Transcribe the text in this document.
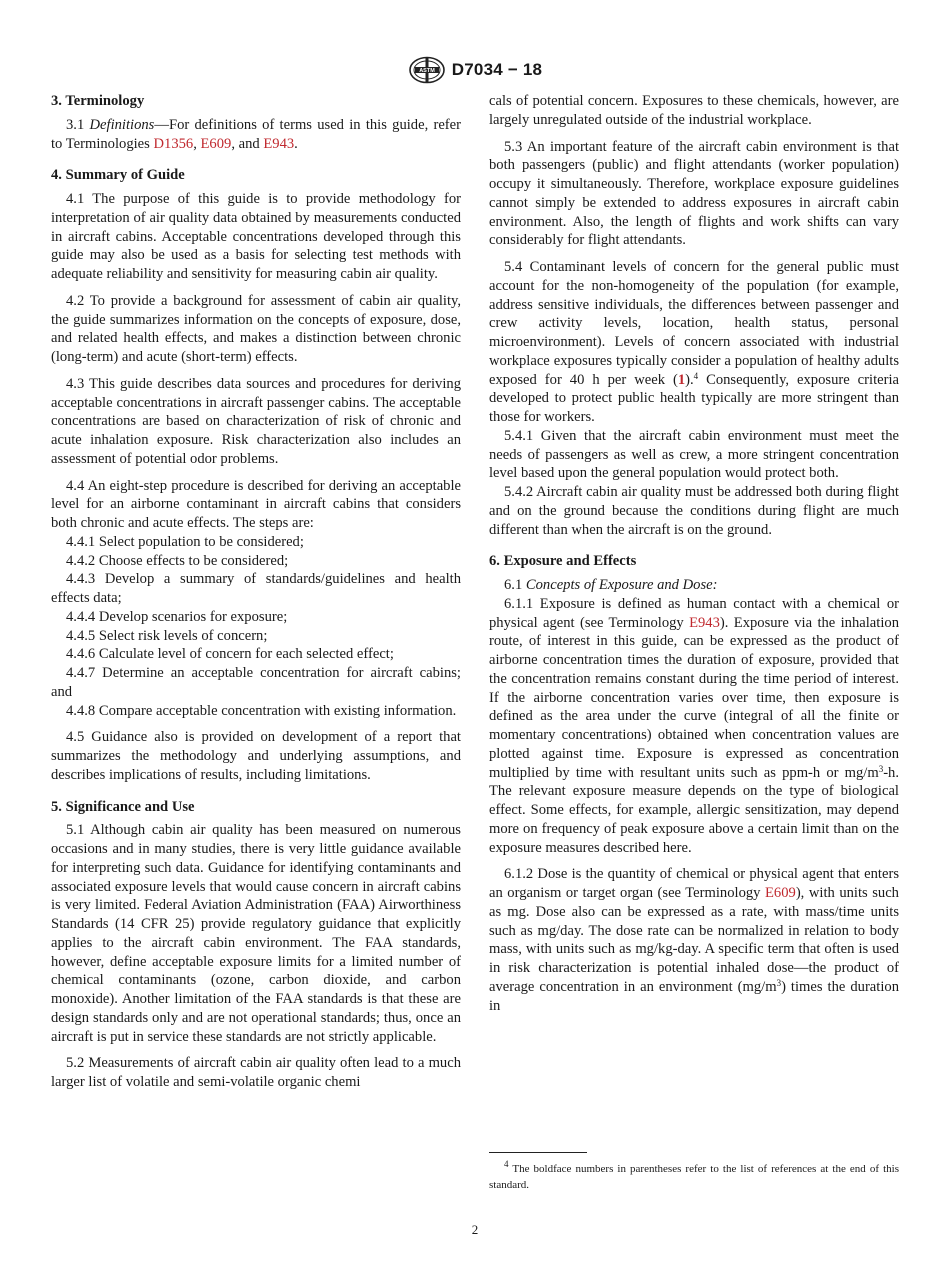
ASTM D7034 − 18
3. Terminology

3.1 Definitions—For definitions of terms used in this guide, refer to Terminologies D1356, E609, and E943.

4. Summary of Guide

4.1 The purpose of this guide is to provide methodology for interpretation of air quality data obtained by measurements conducted in aircraft cabins. Acceptable concentrations developed through this guide may also be used as a basis for selecting test methods with adequate reliability and sensitivity for measuring cabin air quality.

4.2 To provide a background for assessment of cabin air quality, the guide summarizes information on the concepts of exposure, dose, and related health effects, and makes a distinction between chronic (long-term) and acute (short-term) effects.

4.3 This guide describes data sources and procedures for deriving acceptable concentrations in aircraft passenger cabins. The acceptable concentrations are based on characterization of risk of chronic and acute inhalation exposure. Risk characterization also includes an assessment of potential odor problems.

4.4 An eight-step procedure is described for deriving an acceptable level for an airborne contaminant in aircraft cabins that considers both chronic and acute effects. The steps are:

4.4.1 Select population to be considered;

4.4.2 Choose effects to be considered;

4.4.3 Develop a summary of standards/guidelines and health effects data;

4.4.4 Develop scenarios for exposure;

4.4.5 Select risk levels of concern;

4.4.6 Calculate level of concern for each selected effect;

4.4.7 Determine an acceptable concentration for aircraft cabins; and

4.4.8 Compare acceptable concentration with existing information.

4.5 Guidance also is provided on development of a report that summarizes the methodology and underlying assumptions, and describes implications of results, including limitations.

5. Significance and Use

5.1 Although cabin air quality has been measured on numerous occasions and in many studies, there is very little guidance available for interpreting such data. Guidance for identifying contaminants and associated exposure levels that would cause concern in aircraft cabins is very limited. Federal Aviation Administration (FAA) Airworthiness Standards (14 CFR 25) provide regulatory guidance that explicitly applies to the aircraft cabin environment. The FAA standards, however, define acceptable exposure limits for a limited number of chemical contaminants (ozone, carbon dioxide, and carbon monoxide). Another limitation of the FAA standards is that these are design standards only and are not operational standards; thus, once an aircraft is put in service these standards are not strictly applicable.

5.2 Measurements of aircraft cabin air quality often lead to a much larger list of volatile and semi-volatile organic chemi

cals of potential concern. Exposures to these chemicals, however, are largely unregulated outside of the industrial workplace.

5.3 An important feature of the aircraft cabin environment is that both passengers (public) and flight attendants (worker population) occupy it simultaneously. Therefore, workplace exposure guidelines cannot simply be extended to address exposures in aircraft cabin environment. Also, the length of flights and work shifts can vary considerably for flight attendants.

5.4 Contaminant levels of concern for the general public must account for the non-homogeneity of the population (for example, address sensitive individuals, the differences between passenger and crew activity levels, location, health status, personal microenvironment). Levels of concern associated with industrial workplace exposures typically consider a population of healthy adults exposed for 40 h per week (1).$^4$ Consequently, exposure criteria developed to protect public health typically are more stringent than those for workers.

5.4.1 Given that the aircraft cabin environment must meet the needs of passengers as well as crew, a more stringent concentration level based upon the general population would protect both.

5.4.2 Aircraft cabin air quality must be addressed both during flight and on the ground because the conditions during flight are much different than when the aircraft is on the ground.

6. Exposure and Effects

6.1 Concepts of Exposure and Dose:

6.1.1 Exposure is defined as human contact with a chemical or physical agent (see Terminology E943). Exposure via the inhalation route, of interest in this guide, can be expressed as the product of airborne concentration times the duration of exposure, provided that the concentration remains constant during the time period of interest. If the airborne concentration varies over time, then exposure is defined as the area under the curve (integral of all the finite or momentary concentrations) obtained when concentration values are plotted against time. Exposure is expressed as concentration multiplied by time with resultant units such as ppm-h or $mg/m^3-h$. The relevant exposure measure depends on the type of biological effect. Some effects, for example, allergic sensitization, may depend more on frequency of peak exposure above a certain limit than on the exposure measures described here.

6.1.2 Dose is the quantity of chemical or physical agent that enters an organism or target organ (see Terminology E609), with units such as mg. Dose also can be expressed as a rate, with mass/time units such as mg/day. The dose rate can be normalized in relation to body mass, with units such as mg/kg-day. A specific term that often is used in risk characterization is potential inhaled dose—the product of average concentration in an environment $(mg/m^3)$ times the duration in

$^4$ The boldface numbers in parentheses refer to the list of references at the end of this standard.
2
